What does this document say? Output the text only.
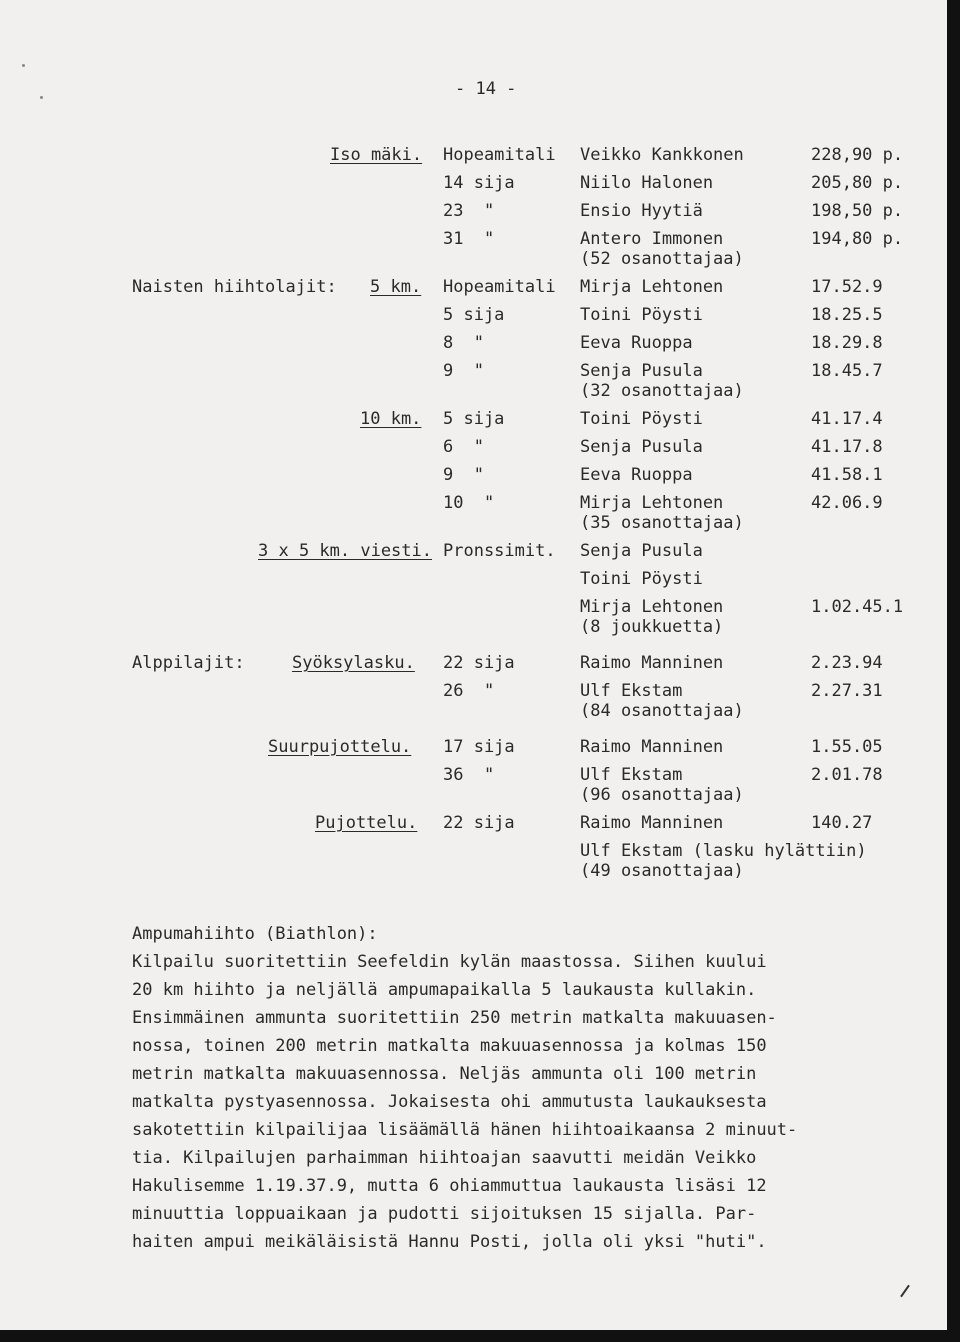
- 14 -
Iso mäki. Hopeamitali Veikko Kankkonen	228,90 p.
14 sija	Niilo Halonen	205,80 p.
23  "	Ensio Hyytiä	198,50 p.
31  "	Antero Immonen	194,80 p.
(52 osanottajaa)
Naisten hiihtolajit: 5 km. Hopeamitali Mirja Lehtonen	17.52.9
5 sija	Toini Pöysti	18.25.5
8  "	Eeva Ruoppa	18.29.8
9  "	Senja Pusula	18.45.7
(32 osanottajaa)
10 km. 5 sija	Toini Pöysti	41.17.4
6  "	Senja Pusula	41.17.8
9  "	Eeva Ruoppa	41.58.1
10  "	Mirja Lehtonen	42.06.9
(35 osanottajaa)
3 x 5 km. viesti. Pronssimit. Senja Pusula
Toini Pöysti
Mirja Lehtonen	1.02.45.1
(8 joukkuetta)
Alppilajit:	Syöksylasku. 22 sija	Raimo Manninen	2.23.94
26  "	Ulf Ekstam	2.27.31
(84 osanottajaa)
Suurpujottelu. 17 sija	Raimo Manninen	1.55.05
36  "	Ulf Ekstam	2.01.78
(96 osanottajaa)
Pujottelu. 22 sija	Raimo Manninen	140.27
Ulf Ekstam (lasku hylättiin)
(49 osanottajaa)
Ampumahiihto (Biathlon):
Kilpailu suoritettiin Seefeldin kylän maastossa. Siihen kuului
20 km hiihto ja neljällä ampumapaikalla 5 laukausta kullakin.
Ensimmäinen ammunta suoritettiin 250 metrin matkalta makuuasen-
nossa, toinen 200 metrin matkalta makuuasennossa ja kolmas 150
metrin matkalta makuuasennossa. Neljäs ammunta oli 100 metrin
matkalta pystyasennossa. Jokaisesta ohi ammutusta laukauksesta
sakotettiin kilpailijaa lisäämällä hänen hiihtoaikaansa 2 minuut-
tia. Kilpailujen parhaimman hiihtoajan saavutti meidän Veikko
Hakulisemme 1.19.37.9, mutta 6 ohiammuttua laukausta lisäsi 12
minuuttia loppuaikaan ja pudotti sijoituksen 15 sijalla. Par-
haiten ampui meikäläisistä Hannu Posti, jolla oli yksi "huti".
